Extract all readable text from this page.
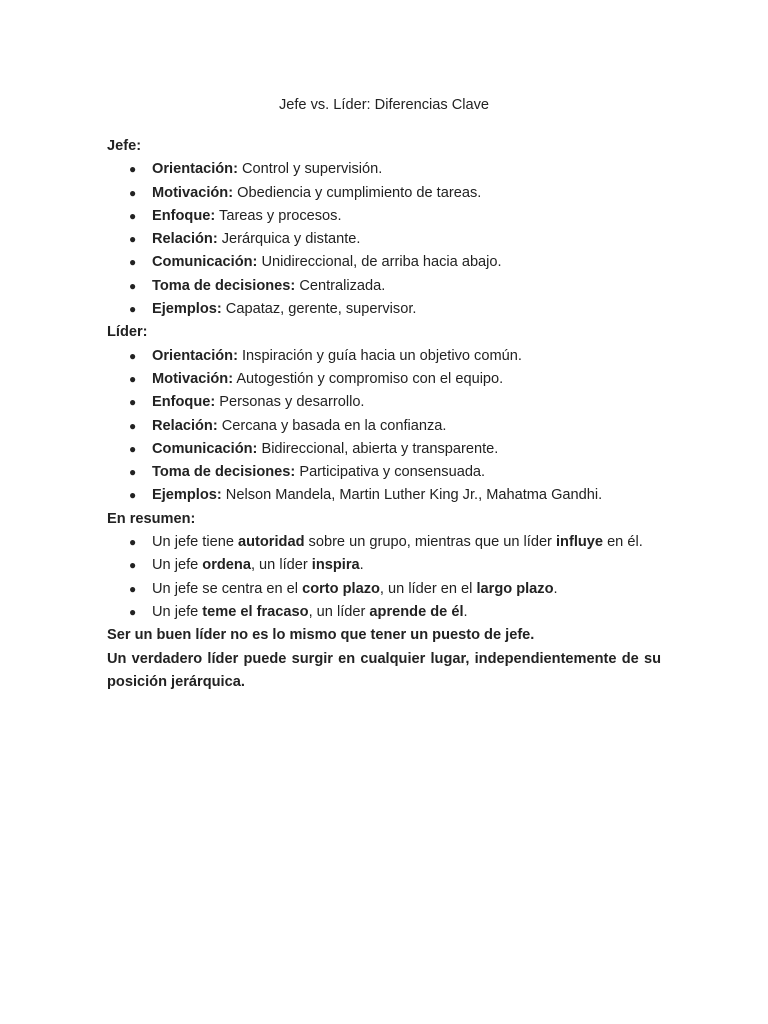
Jefe vs. Líder: Diferencias Clave
Jefe:
● Orientación: Control y supervisión.
● Motivación: Obediencia y cumplimiento de tareas.
● Enfoque: Tareas y procesos.
● Relación: Jerárquica y distante.
● Comunicación: Unidireccional, de arriba hacia abajo.
● Toma de decisiones: Centralizada.
● Ejemplos: Capataz, gerente, supervisor.
Líder:
● Orientación: Inspiración y guía hacia un objetivo común.
● Motivación: Autogestión y compromiso con el equipo.
● Enfoque: Personas y desarrollo.
● Relación: Cercana y basada en la confianza.
● Comunicación: Bidireccional, abierta y transparente.
● Toma de decisiones: Participativa y consensuada.
● Ejemplos: Nelson Mandela, Martin Luther King Jr., Mahatma Gandhi.
En resumen:
● Un jefe tiene autoridad sobre un grupo, mientras que un líder influye en él.
● Un jefe ordena, un líder inspira.
● Un jefe se centra en el corto plazo, un líder en el largo plazo.
● Un jefe teme el fracaso, un líder aprende de él.

Ser un buen líder no es lo mismo que tener un puesto de jefe.

Un verdadero líder puede surgir en cualquier lugar, independientemente de su posición jerárquica.
